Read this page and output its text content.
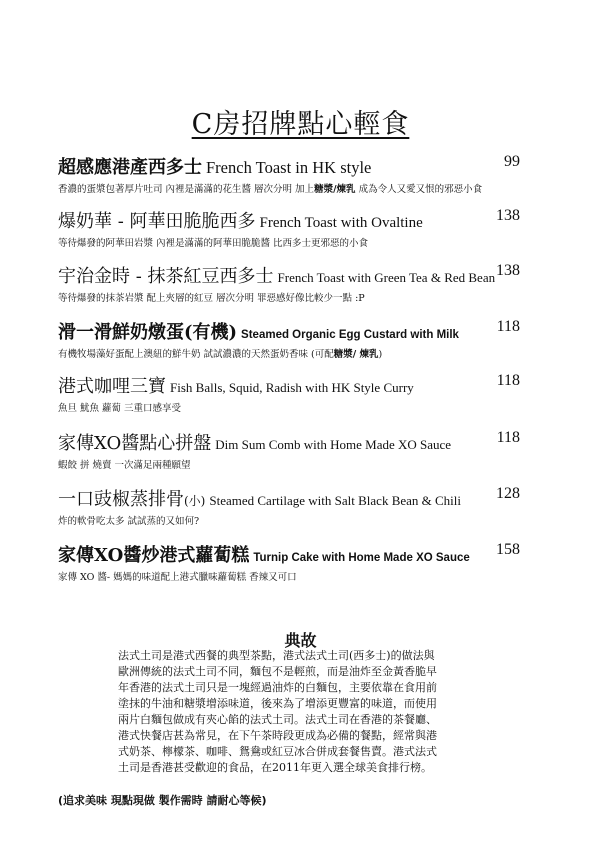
C房招牌點心輕食
超感應港產西多士 French Toast in HK style	99
香濃的蛋漿包著厚片吐司 內裡是滿滿的花生醬 層次分明 加上糖漿/煉乳 成為令人又愛又恨的邪惡小食
爆奶華 - 阿華田脆脆西多 French Toast with Ovaltine	138
等待爆發的阿華田岩漿 內裡是滿滿的阿華田脆脆醬 比西多士更邪惡的小食
宇治金時 - 抹茶紅豆西多士 French Toast with Green Tea & Red Bean 138
等待爆發的抹茶岩漿 配上夾層的紅豆 層次分明 罪惡感好像比較少一點 :P
滑一滑鮮奶燉蛋(有機) Steamed Organic Egg Custard with Milk 118
有機牧場藻好蛋配上澳紐的鮮牛奶 試試濃濃的天然蛋奶香味 (可配糖漿/ 煉乳)
港式咖哩三寶 Fish Balls, Squid, Radish with HK Style Curry	118
魚旦 魷魚 蘿蔔 三重口感享受
家傳XO醬點心拼盤 Dim Sum Comb with Home Made XO Sauce	118
蝦餃 拼 燒賣 一次滿足兩種願望
一口豉椒蒸排骨(小) Steamed Cartilage with Salt Black Bean & Chili 128
炸的軟骨吃太多 試試蒸的又如何?
家傳XO醬炒港式蘿蔔糕 Turnip Cake with Home Made XO Sauce 158
家傳 XO 醬- 媽媽的味道配上港式臘味蘿蔔糕 香辣又可口
典故
法式土司是港式西餐的典型茶點，港式法式土司(西多士)的做法與
歐洲傳統的法式土司不同，麵包不是輕煎，而是油炸至金黃香脆早
年香港的法式土司只是一塊經過油炸的白麵包，主要依靠在食用前
塗抹的牛油和糖漿增添味道，後來為了增添更豐富的味道，而使用
兩片白麵包做成有夾心餡的法式土司。法式土司在香港的茶餐廳、
港式快餐店甚為常見，在下午茶時段更成為必備的餐點，經常與港
式奶茶、檸檬茶、咖啡、鴛鴦或紅豆冰合併成套餐售賣。港式法式
土司是香港甚受歡迎的食品，在2011年更入選全球美食排行榜。
(追求美味 現點現做 製作需時 請耐心等候)
